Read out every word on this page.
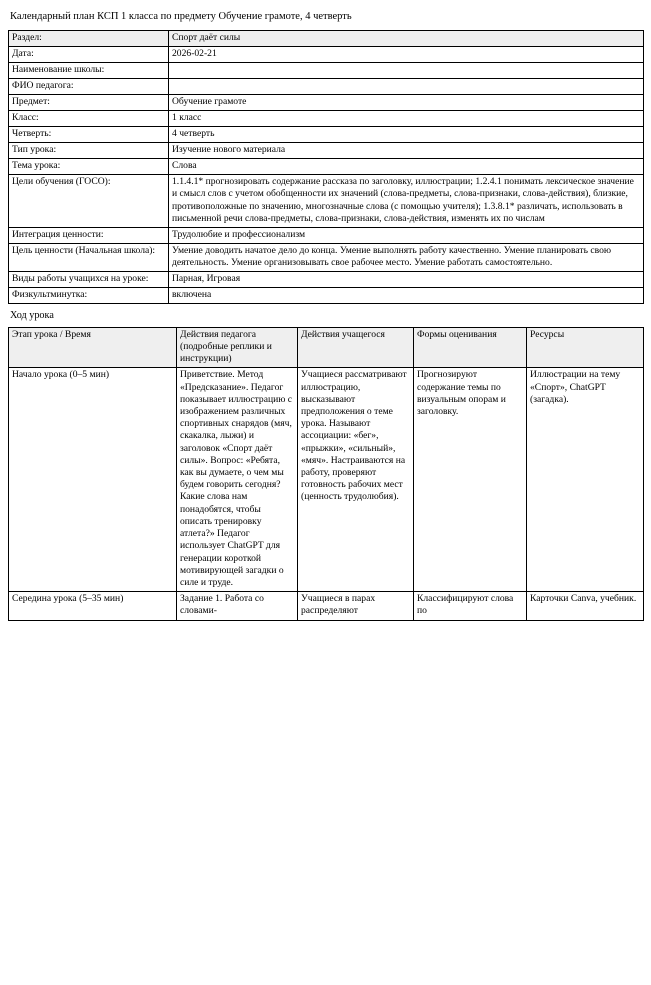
Календарный план КСП 1 класса по предмету Обучение грамоте, 4 четверть
Раздел:	Спорт даёт силы
Дата:	2026-02-21
Наименование школы:	
ФИО педагога:	
Предмет:	Обучение грамоте
Класс:	1 класс
Четверть:	4 четверть
Тип урока:	Изучение нового материала
Тема урока:	Слова
Цели обучения (ГОСО):	1.1.4.1* прогнозировать содержание рассказа по заголовку, иллюстрации; 1.2.4.1 понимать лексическое значение и смысл слов с учетом обобщенности их значений (слова-предметы, слова-признаки, слова-действия), близкие, противоположные по значению, многозначные слова (с помощью учителя); 1.3.8.1* различать, использовать в письменной речи слова-предметы, слова-признаки, слова-действия, изменять их по числам
Интеграция ценности:	Трудолюбие и профессионализм
Цель ценности (Начальная школа):	Умение доводить начатое дело до конца. Умение выполнять работу качественно. Умение планировать свою деятельность. Умение организовывать свое рабочее место. Умение работать самостоятельно.
Виды работы учащихся на уроке:	Парная, Игровая
Физкультминутка:	включена
Ход урока
Этап урока / Время	Действия педагога (подробные реплики и инструкции)	Действия учащегося	Формы оценивания	Ресурсы
Начало урока (0–5 мин)	Приветствие. Метод «Предсказание». Педагог показывает иллюстрацию с изображением различных спортивных снарядов (мяч, скакалка, лыжи) и заголовок «Спорт даёт силы». Вопрос: «Ребята, как вы думаете, о чем мы будем говорить сегодня? Какие слова нам понадобятся, чтобы описать тренировку атлета?» Педагог использует ChatGPT для генерации короткой мотивирующей загадки о силе и труде.	Учащиеся рассматривают иллюстрацию, высказывают предположения о теме урока. Называют ассоциации: «бег», «прыжки», «сильный», «мяч». Настраиваются на работу, проверяют готовность рабочих мест (ценность трудолюбия).	Прогнозируют содержание темы по визуальным опорам и заголовку.	Иллюстрации на тему «Спорт», ChatGPT (загадка).
Середина урока (5–35 мин)	Задание 1. Работа со словами-	Учащиеся в парах распределяют	Классифицируют слова по	Карточки Canva, учебник.
